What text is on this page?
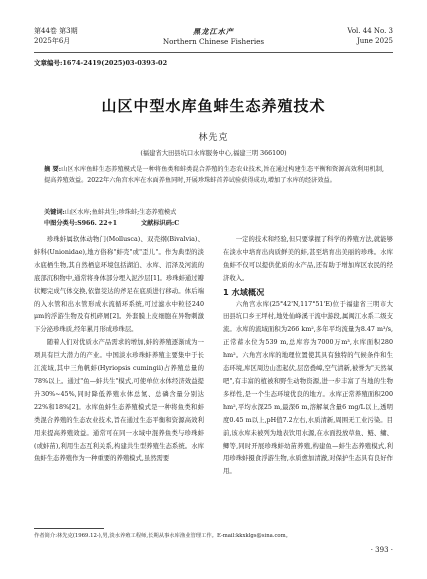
第44卷 第3期
2025年6月
黑龙江水产
Northern Chinese Fisheries
Vol. 44 No. 3
June 2025
文章编号:1674-2419(2025)03-0393-02
山区中型水库鱼蚌生态养殖技术
林先克
(福建省大田县坑口水库服务中心,福建三明 366100)
摘 要:山区水库鱼蚌生态养殖模式是一种将鱼类和蚌类混合养殖的生态农业技术,旨在通过构建生态平衡和资源高效利用机制,提高养殖效益。2022年六角宫水库在水面养鱼同时,开展珍珠蚌首养试验获得成功,增加了水库的经济效益。
关键词:山区水库;鱼蚌共生;珍珠蚌;生态养殖模式
中图分类号:S966. 22+1	文献标识码:C

珍珠蚌属软体动物门(Mollusca)、双壳纲(Bivalvia)、蚌科(Unionidae),地方俗称"蚌壳"或"歪儿"。作为典型的淡水底栖生物,其自然栖息环境包括湖泊、水库、沼泽及河流的底部沉积物中,通常将身体部分埋入泥沙层[1]。珍珠蚌通过瓣状鳃完成气体交换,依靠茭达的斧足在底质进行移动。体后端的入水管和出水管形成水流循环系统,可过滤水中粒径240 μm的浮游生物及有机碎屑[2]。外套膜上皮细胞在异物刺激下分泌珍珠质,经年累月形成珍珠层。

随着人们对优质水产品需求的增加,蚌的养殖逐渐成为一项具有巨大潜力的产业。中国淡水珍珠蚌养殖主要集中于长江流域,其中三角帆蚌(Hyriopsis cumingii)占养殖总量的78%以上。通过"鱼—蚌共生"模式,可使单位水体经济效益提升30%~45%,同时降低养殖水体总氮、总磷含量分别达22%和18%[2]。水库鱼蚌生态养殖模式是一种将鱼类和蚌类混合养殖的生态农业技术,旨在通过生态平衡和资源高效利用来提高养殖效益。通常可在同一水域中混养鱼类与珍珠蚌(或蚌苗),利用生态互利关系,构建共生型养殖生态系统。水库鱼蚌生态养殖作为一种重要的养殖模式,虽然需要

一定的技术和经验,但只要掌握了科学的养殖方法,就能够在淡水中培育出肉质鲜美的蚌,甚至培育出美丽的珍珠。水库鱼蚌不仅可以提供优质的水产品,还有助于增加库区农民的经济收入。

1 水域概况

六角宫水库(25°42'N,117°51'E)位于福建省三明市大田县坑口乡王坪村,地处仙峰溪干流中游段,属闽江水系二级支流。水库的流域面积为266 km²,多年平均流量为8.47 m³/s,正常蓄水位为539 m,总库容为7000万m³,水库面积280 hm²。六角宫水库的地理位置使其具有独特的气候条件和生态环境,库区周边山峦起伏,层峦叠嶂,空气清新,被誉为"天然氧吧",有丰富的植被和野生动物资源,进一步丰富了当地的生物多样性,是一个生态环境优良的地方。水库正常养殖面积200 hm²,平均水深25 m,最深6 m,溶解氧含量6 mg/L以上,透明度0.45 m以上,pH值7.2左右,水质清新,周围无工业污染。目前,该水库未被列为地表饮用水源,在水面投放草鱼、鲢、鳙、鲫等,同时开展珍珠蚌幼苗养殖,构建鱼—蚌生态养殖模式,利用珍珠蚌摄食浮游生物,水质愈加清澈,对保护生态具有良好作用。

作者简介:林先克(1969.12-),男,淡水养殖工程师,长期从事水库渔业管理工作。E-mail:kkxklgs@sina.com。
· 393 ·
